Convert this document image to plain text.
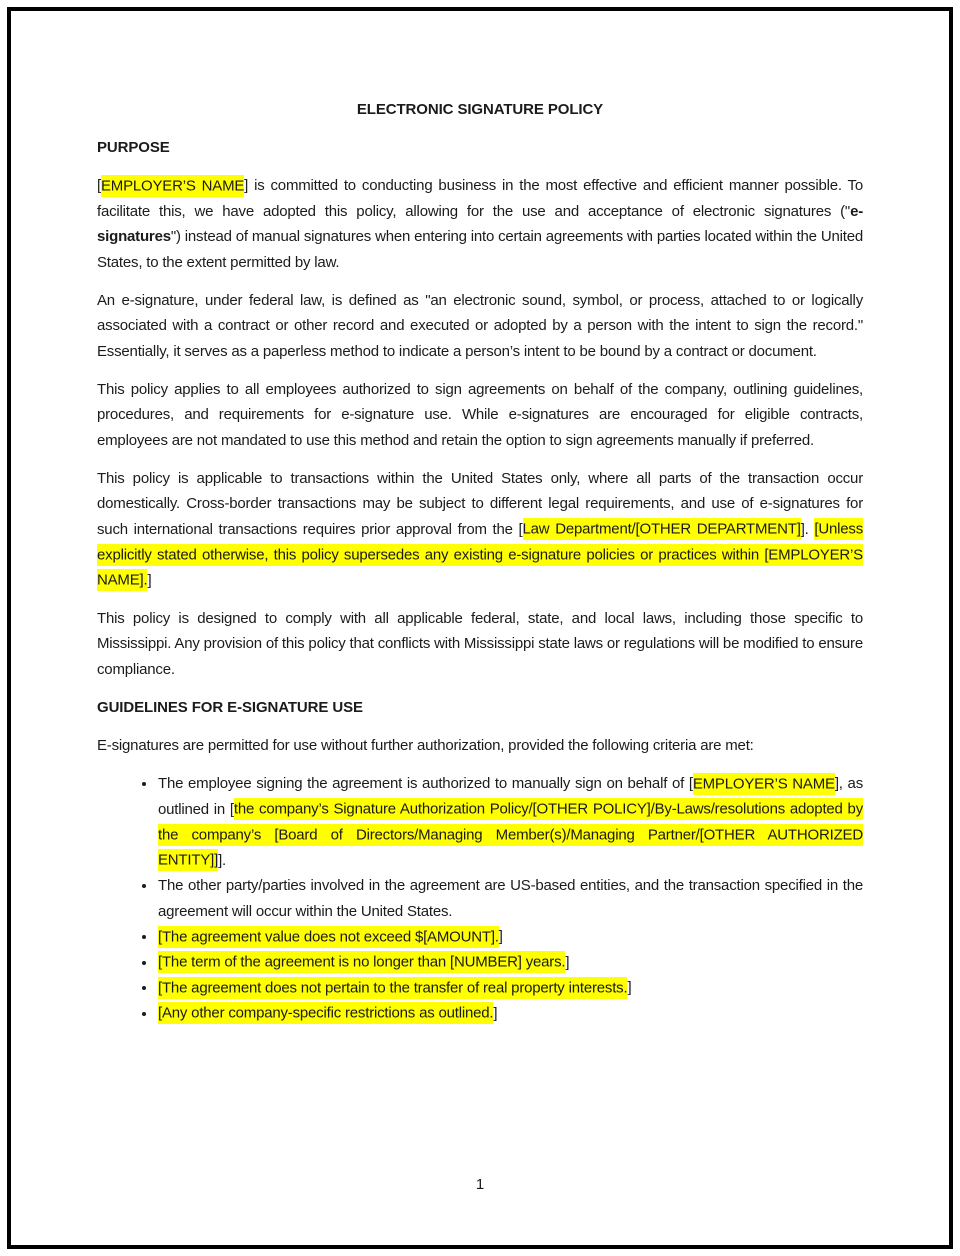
ELECTRONIC SIGNATURE POLICY
PURPOSE
[EMPLOYER’S NAME] is committed to conducting business in the most effective and efficient manner possible. To facilitate this, we have adopted this policy, allowing for the use and acceptance of electronic signatures ("e-signatures") instead of manual signatures when entering into certain agreements with parties located within the United States, to the extent permitted by law.
An e-signature, under federal law, is defined as "an electronic sound, symbol, or process, attached to or logically associated with a contract or other record and executed or adopted by a person with the intent to sign the record." Essentially, it serves as a paperless method to indicate a person’s intent to be bound by a contract or document.
This policy applies to all employees authorized to sign agreements on behalf of the company, outlining guidelines, procedures, and requirements for e-signature use. While e-signatures are encouraged for eligible contracts, employees are not mandated to use this method and retain the option to sign agreements manually if preferred.
This policy is applicable to transactions within the United States only, where all parts of the transaction occur domestically. Cross-border transactions may be subject to different legal requirements, and use of e-signatures for such international transactions requires prior approval from the [Law Department/[OTHER DEPARTMENT]]. [Unless explicitly stated otherwise, this policy supersedes any existing e-signature policies or practices within [EMPLOYER’S NAME].]
This policy is designed to comply with all applicable federal, state, and local laws, including those specific to Mississippi. Any provision of this policy that conflicts with Mississippi state laws or regulations will be modified to ensure compliance.
GUIDELINES FOR E-SIGNATURE USE
E-signatures are permitted for use without further authorization, provided the following criteria are met:
• The employee signing the agreement is authorized to manually sign on behalf of [EMPLOYER’S NAME], as outlined in [the company’s Signature Authorization Policy/[OTHER POLICY]/By-Laws/resolutions adopted by the company’s [Board of Directors/Managing Member(s)/Managing Partner/[OTHER AUTHORIZED ENTITY]]].
• The other party/parties involved in the agreement are US-based entities, and the transaction specified in the agreement will occur within the United States.
• [The agreement value does not exceed $[AMOUNT].]
• [The term of the agreement is no longer than [NUMBER] years.]
• [The agreement does not pertain to the transfer of real property interests.]
• [Any other company-specific restrictions as outlined.]
1
